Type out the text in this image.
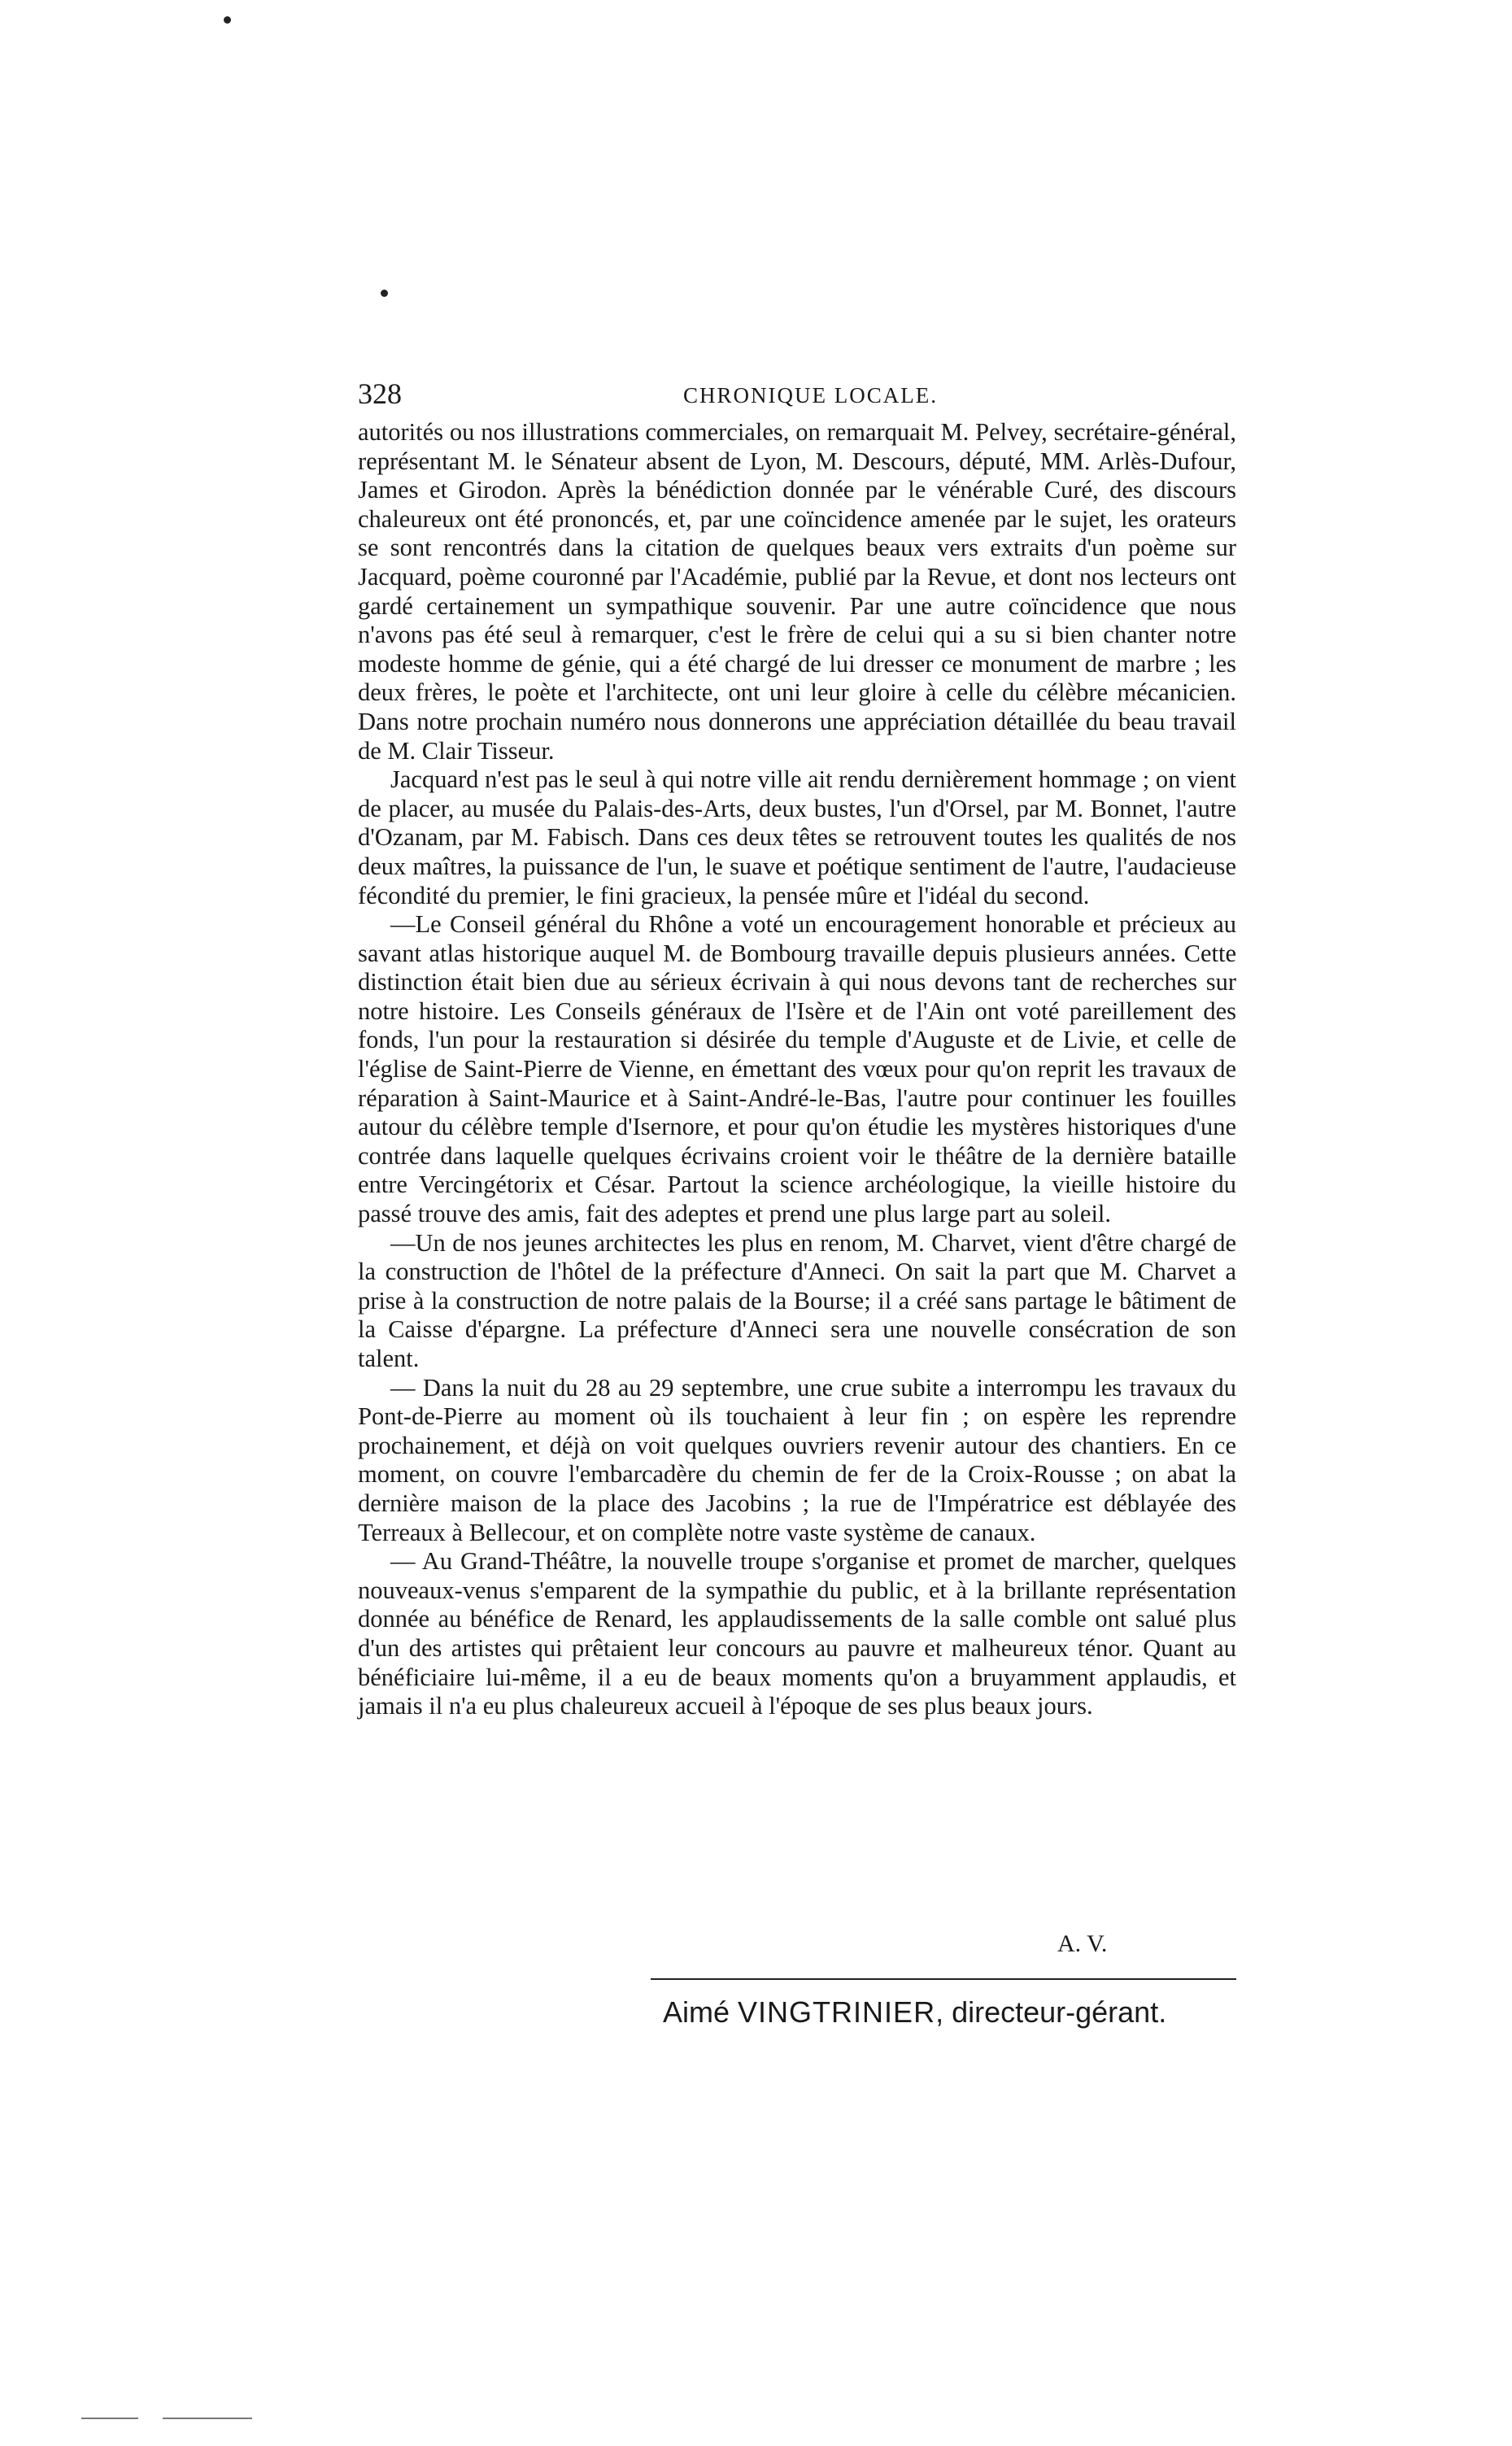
328	CHRONIQUE LOCALE.

autorités ou nos illustrations commerciales, on remarquait M. Pelvey, secrétaire-général, représentant M. le Sénateur absent de Lyon, M. Descours, député, MM. Arlès-Dufour, James et Girodon. Après la bénédiction donnée par le vénérable Curé, des discours chaleureux ont été prononcés, et, par une coïncidence amenée par le sujet, les orateurs se sont rencontrés dans la citation de quelques beaux vers extraits d'un poème sur Jacquard, poème couronné par l'Académie, publié par la Revue, et dont nos lecteurs ont gardé certainement un sympathique souvenir. Par une autre coïncidence que nous n'avons pas été seul à remarquer, c'est le frère de celui qui a su si bien chanter notre modeste homme de génie, qui a été chargé de lui dresser ce monument de marbre ; les deux frères, le poète et l'architecte, ont uni leur gloire à celle du célèbre mécanicien. Dans notre prochain numéro nous donnerons une appréciation détaillée du beau travail de M. Clair Tisseur.

Jacquard n'est pas le seul à qui notre ville ait rendu dernièrement hommage ; on vient de placer, au musée du Palais-des-Arts, deux bustes, l'un d'Orsel, par M. Bonnet, l'autre d'Ozanam, par M. Fabisch. Dans ces deux têtes se retrouvent toutes les qualités de nos deux maîtres, la puissance de l'un, le suave et poétique sentiment de l'autre, l'audacieuse fécondité du premier, le fini gracieux, la pensée mûre et l'idéal du second.

—Le Conseil général du Rhône a voté un encouragement honorable et précieux au savant atlas historique auquel M. de Bombourg travaille depuis plusieurs années. Cette distinction était bien due au sérieux écrivain à qui nous devons tant de recherches sur notre histoire. Les Conseils généraux de l'Isère et de l'Ain ont voté pareillement des fonds, l'un pour la restauration si désirée du temple d'Auguste et de Livie, et celle de l'église de Saint-Pierre de Vienne, en émettant des vœux pour qu'on reprit les travaux de réparation à Saint-Maurice et à Saint-André-le-Bas, l'autre pour continuer les fouilles autour du célèbre temple d'Isernore, et pour qu'on étudie les mystères historiques d'une contrée dans laquelle quelques écrivains croient voir le théâtre de la dernière bataille entre Vercingétorix et César. Partout la science archéologique, la vieille histoire du passé trouve des amis, fait des adeptes et prend une plus large part au soleil.

—Un de nos jeunes architectes les plus en renom, M. Charvet, vient d'être chargé de la construction de l'hôtel de la préfecture d'Anneci. On sait la part que M. Charvet a prise à la construction de notre palais de la Bourse; il a créé sans partage le bâtiment de la Caisse d'épargne. La préfecture d'Anneci sera une nouvelle consécration de son talent.

— Dans la nuit du 28 au 29 septembre, une crue subite a interrompu les travaux du Pont-de-Pierre au moment où ils touchaient à leur fin ; on espère les reprendre prochainement, et déjà on voit quelques ouvriers revenir autour des chantiers. En ce moment, on couvre l'embarcadère du chemin de fer de la Croix-Rousse ; on abat la dernière maison de la place des Jacobins ; la rue de l'Impératrice est déblayée des Terreaux à Bellecour, et on complète notre vaste système de canaux.

— Au Grand-Théâtre, la nouvelle troupe s'organise et promet de marcher, quelques nouveaux-venus s'emparent de la sympathie du public, et à la brillante représentation donnée au bénéfice de Renard, les applaudissements de la salle comble ont salué plus d'un des artistes qui prêtaient leur concours au pauvre et malheureux ténor. Quant au bénéficiaire lui-même, il a eu de beaux moments qu'on a bruyamment applaudis, et jamais il n'a eu plus chaleureux accueil à l'époque de ses plus beaux jours.

A. V.
Aimé VINGTRINIER, directeur-gérant.
